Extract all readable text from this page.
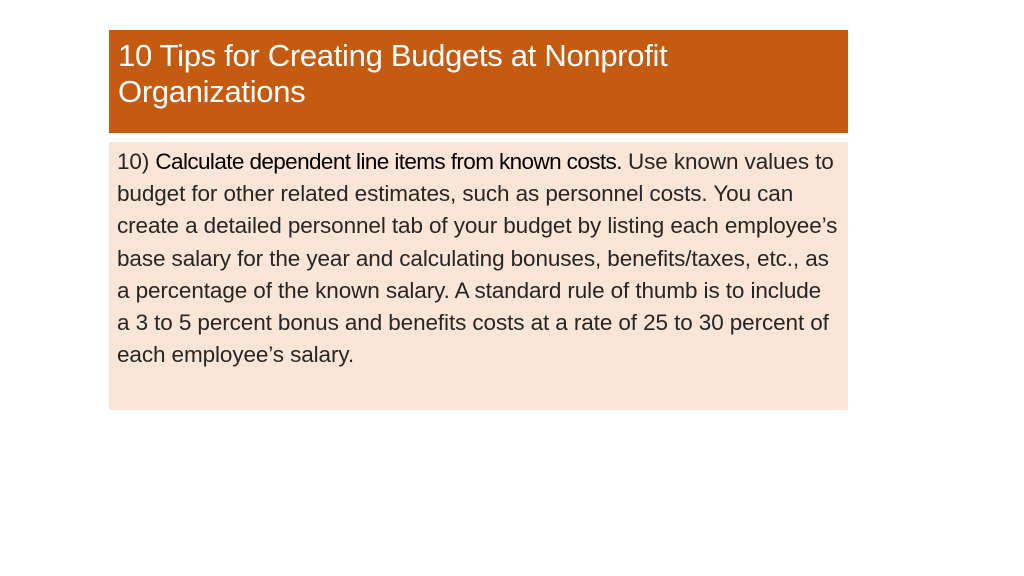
10 Tips for Creating Budgets at Nonprofit Organizations

10) Calculate dependent line items from known costs. Use known values to budget for other related estimates, such as personnel costs. You can create a detailed personnel tab of your budget by listing each employee’s base salary for the year and calculating bonuses, benefits/taxes, etc., as a percentage of the known salary. A standard rule of thumb is to include a 3 to 5 percent bonus and benefits costs at a rate of 25 to 30 percent of each employee’s salary.
